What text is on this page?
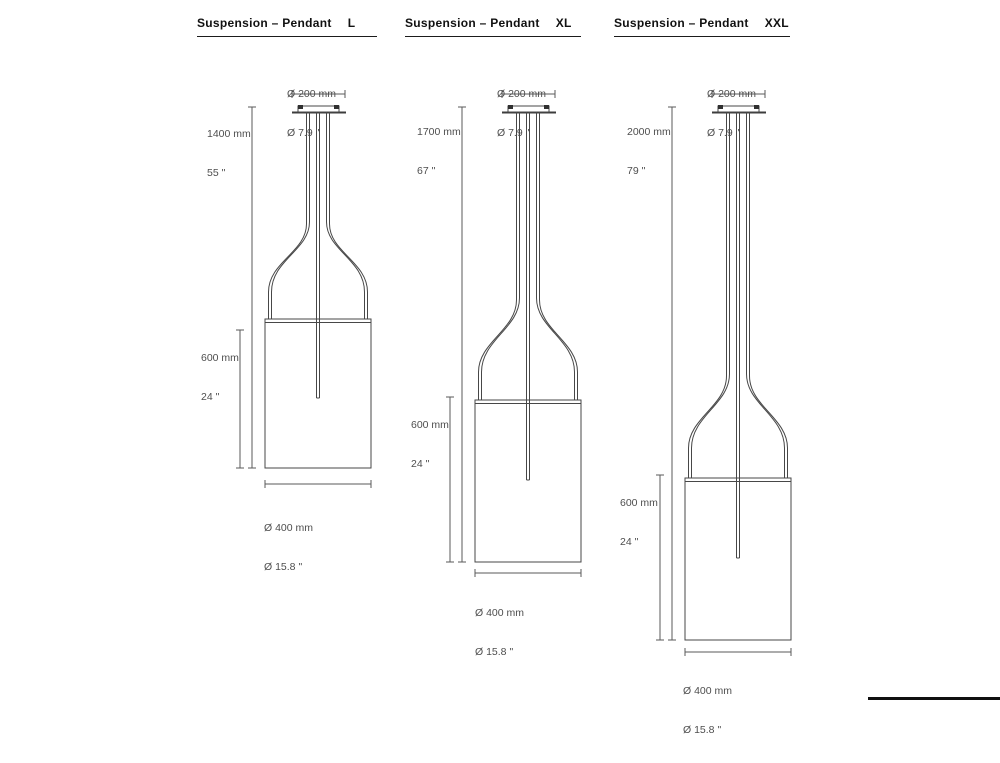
Suspension – Pendant L	Suspension – Pendant XL	Suspension – Pendant XXL

Ø 200 mm

Ø 7.9 "

1400 mm

55 "

600 mm

24 "

Ø 400 mm

Ø 15.8 "

Ø 200 mm

Ø 7.9 "

1700 mm

67 "

600 mm

24 "

Ø 400 mm

Ø 15.8 "

Ø 200 mm

Ø 7.9 "

2000 mm

79 "

600 mm

24 "

Ø 400 mm

Ø 15.8 "
